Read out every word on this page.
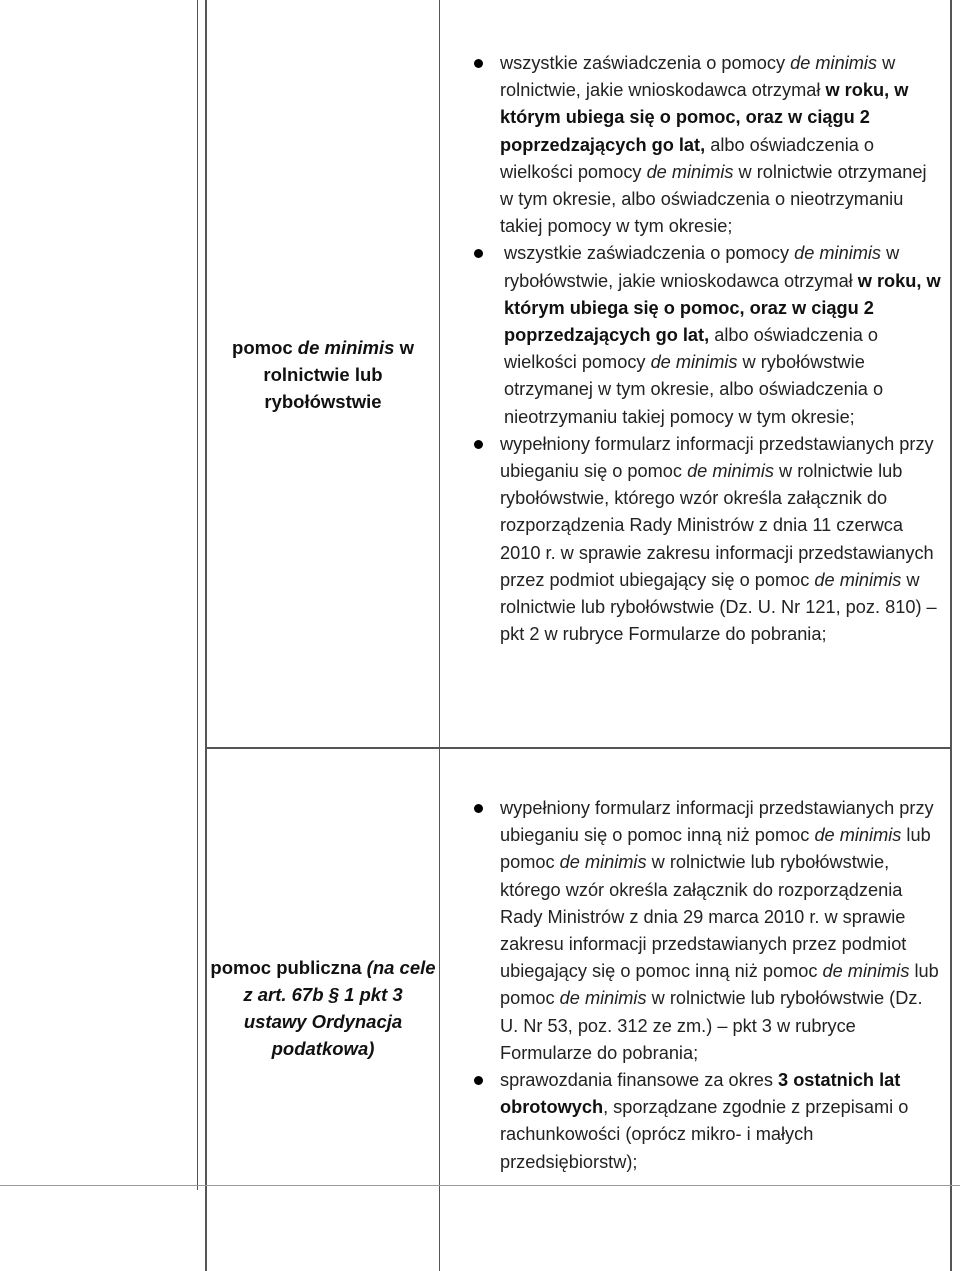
pomoc de minimis w rolnictwie lub rybołówstwie
wszystkie zaświadczenia o pomocy de minimis w rolnictwie, jakie wnioskodawca otrzymał w roku, w którym ubiega się o pomoc, oraz w ciągu 2 poprzedzających go lat, albo oświadczenia o wielkości pomocy de minimis w rolnictwie otrzymanej w tym okresie, albo oświadczenia o nieotrzymaniu takiej pomocy w tym okresie;
wszystkie zaświadczenia o pomocy de minimis w rybołówstwie, jakie wnioskodawca otrzymał w roku, w którym ubiega się o pomoc, oraz w ciągu 2 poprzedzających go lat, albo oświadczenia o wielkości pomocy de minimis w rybołówstwie otrzymanej w tym okresie, albo oświadczenia o nieotrzymaniu takiej pomocy w tym okresie;
wypełniony formularz informacji przedstawianych przy ubieganiu się o pomoc de minimis w rolnictwie lub rybołówstwie, którego wzór określa załącznik do rozporządzenia Rady Ministrów z dnia 11 czerwca 2010 r. w sprawie zakresu informacji przedstawianych przez podmiot ubiegający się o pomoc de minimis w rolnictwie lub rybołówstwie (Dz. U. Nr 121, poz. 810) –pkt 2 w rubryce Formularze do pobrania;
pomoc publiczna (na cele z art. 67b § 1 pkt 3 ustawy Ordynacja podatkowa)
wypełniony formularz informacji przedstawianych przy ubieganiu się o pomoc inną niż pomoc de minimis lub pomoc de minimis w rolnictwie lub rybołówstwie, którego wzór określa załącznik do rozporządzenia Rady Ministrów z dnia 29 marca 2010 r. w sprawie zakresu informacji przedstawianych przez podmiot ubiegający się o pomoc inną niż pomoc de minimis lub pomoc de minimis w rolnictwie lub rybołówstwie (Dz. U. Nr 53, poz. 312 ze zm.) – pkt 3 w rubryce Formularze do pobrania;
sprawozdania finansowe za okres 3 ostatnich lat obrotowych, sporządzane zgodnie z przepisami o rachunkowości (oprócz mikro- i małych przedsiębiorstw);
